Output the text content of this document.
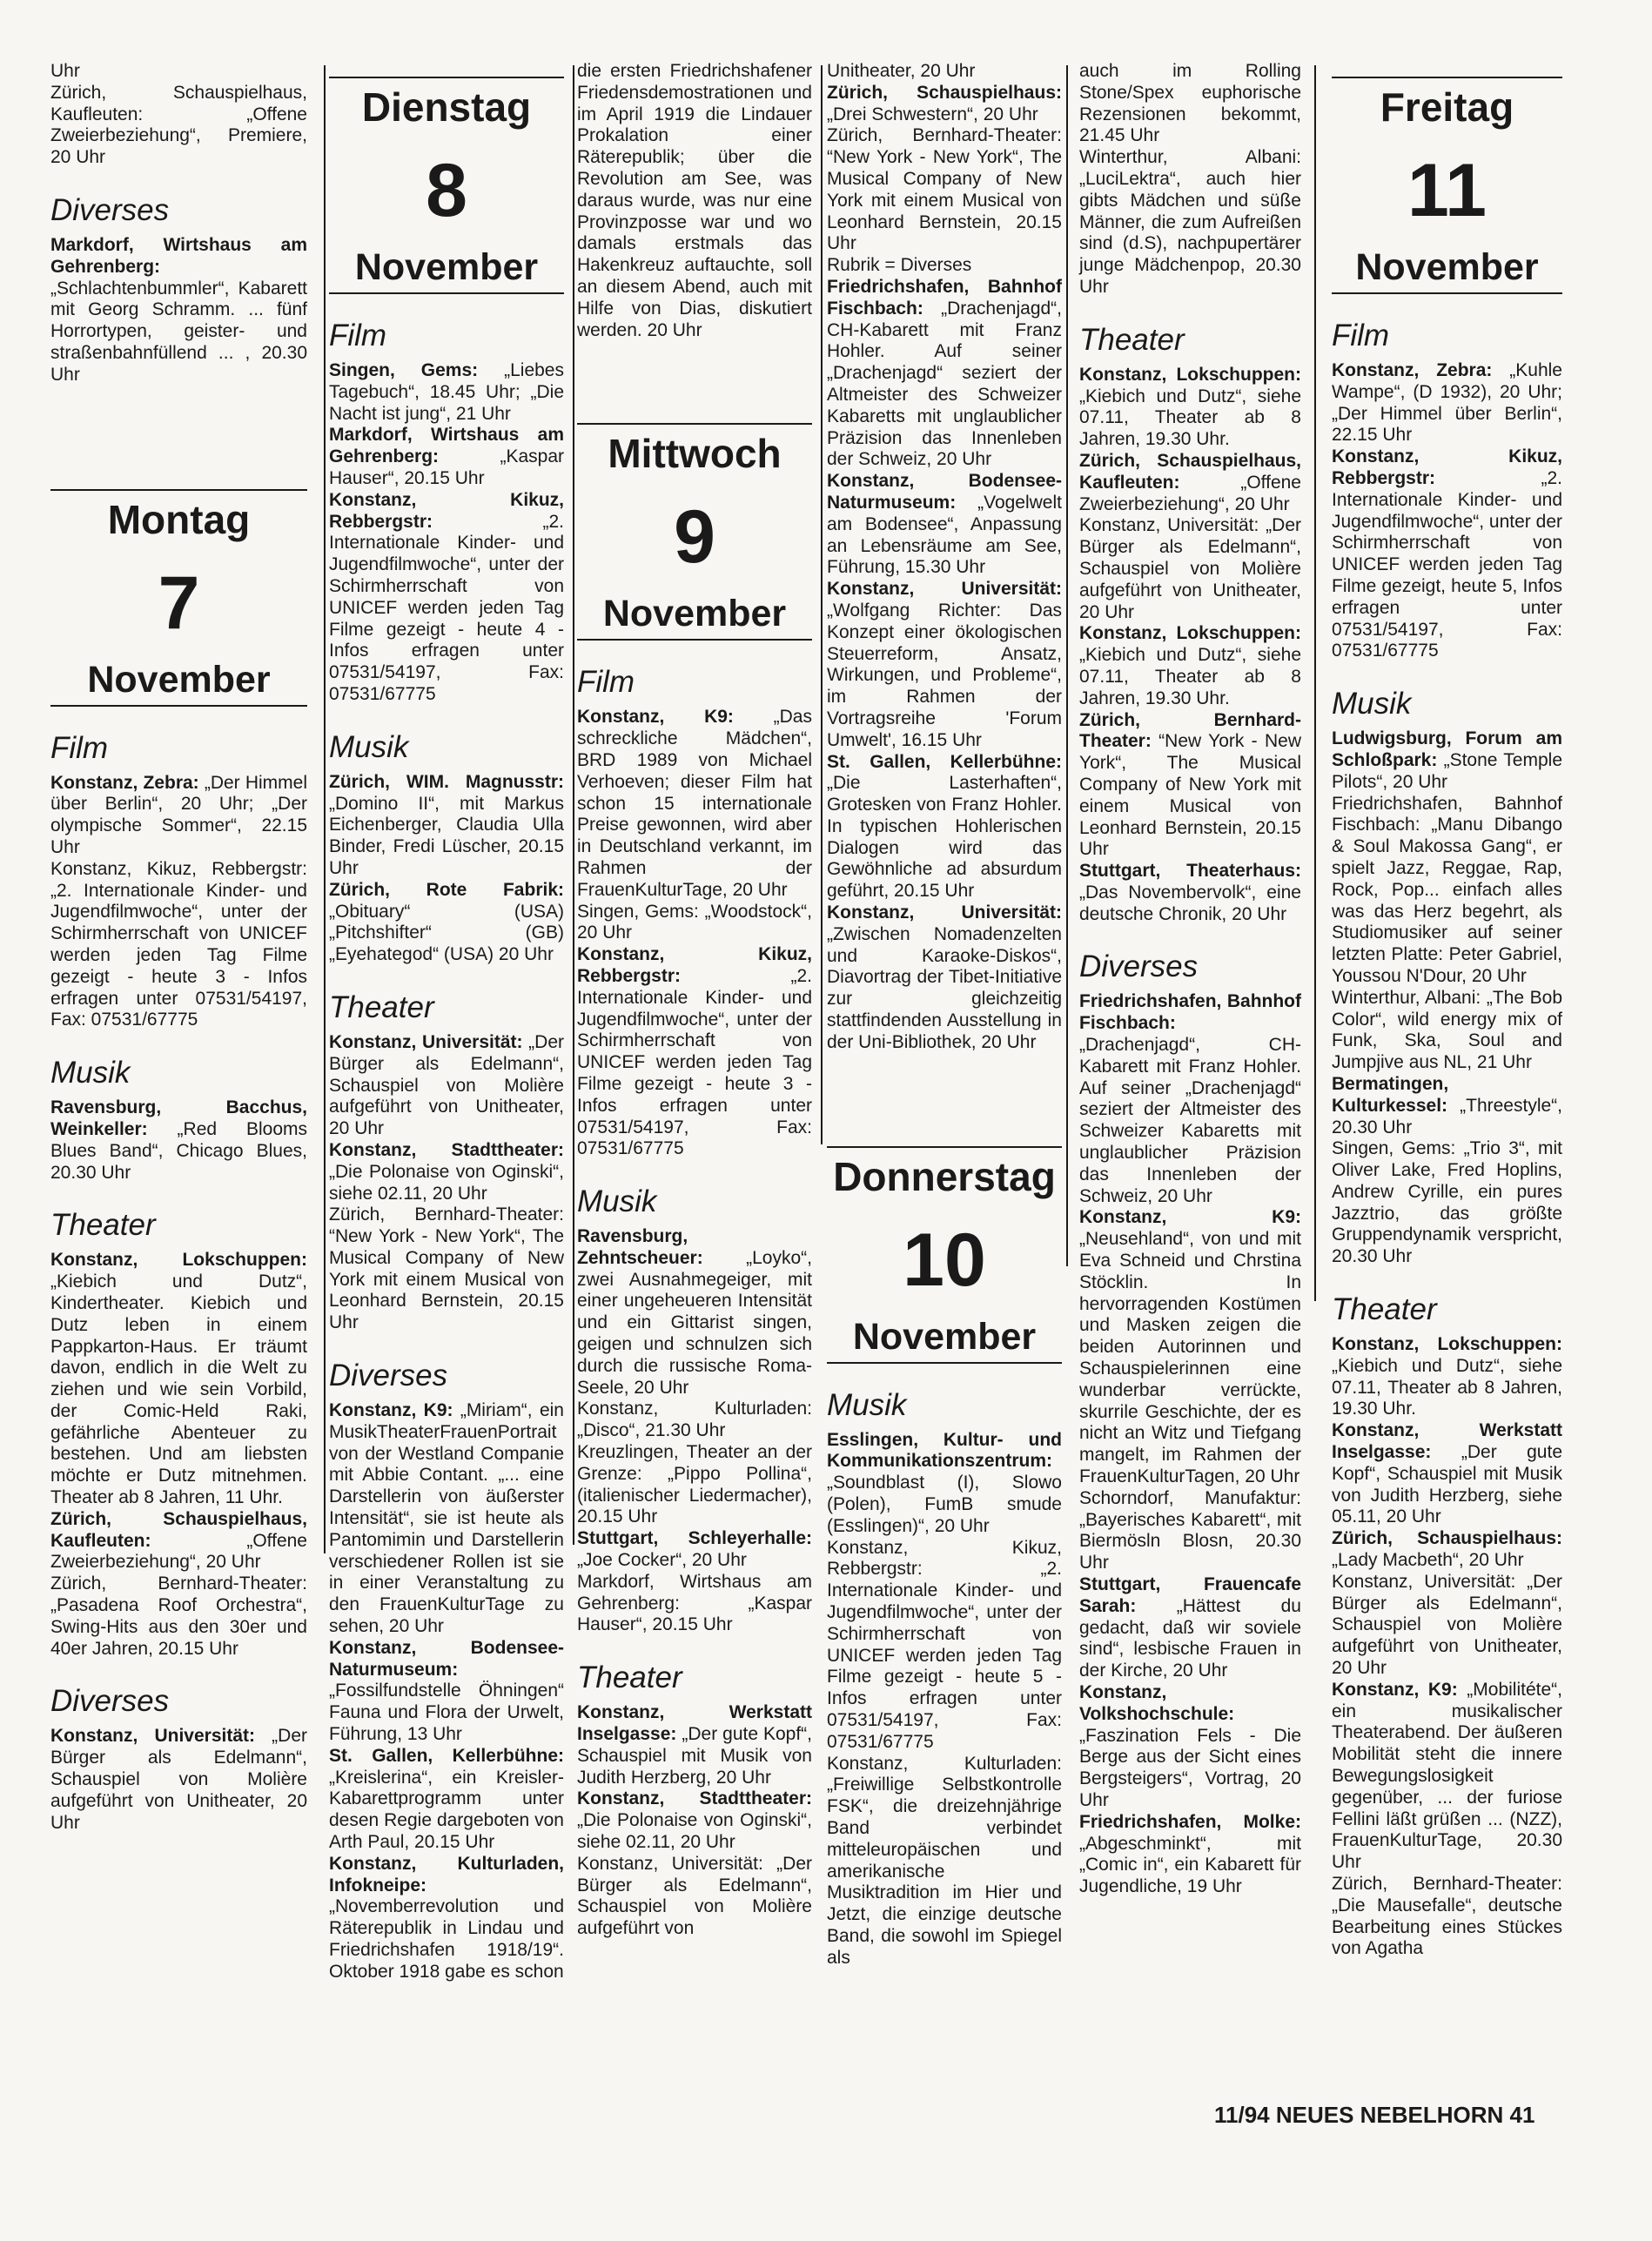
Uhr

Zürich, Schauspielhaus, Kaufleuten: „Offene Zweierbeziehung“, Premiere, 20 Uhr

Diverses

Markdorf, Wirtshaus am Gehrenberg: „Schlachtenbummler“, Kabarett mit Georg Schramm. ... fünf Horrortypen, geister- und straßenbahnfüllend ... , 20.30 Uhr

Montag
7
November
Film

Konstanz, Zebra: „Der Himmel über Berlin“, 20 Uhr; „Der olympische Sommer“, 22.15 Uhr

Konstanz, Kikuz, Rebbergstr: „2. Internationale Kinder- und Jugendfilmwoche“, unter der Schirmherrschaft von UNICEF werden jeden Tag Filme gezeigt - heute 3 - Infos erfragen unter 07531/54197, Fax: 07531/67775

Musik

Ravensburg, Bacchus, Weinkeller: „Red Blooms Blues Band“, Chicago Blues, 20.30 Uhr

Theater

Konstanz, Lokschuppen: „Kiebich und Dutz“, Kindertheater. Kiebich und Dutz leben in einem Pappkarton-Haus. Er träumt davon, endlich in die Welt zu ziehen und wie sein Vorbild, der Comic-Held Raki, gefährliche Abenteuer zu bestehen. Und am liebsten möchte er Dutz mitnehmen. Theater ab 8 Jahren, 11 Uhr.

Zürich, Schauspielhaus, Kaufleuten: „Offene Zweierbeziehung“, 20 Uhr

Zürich, Bernhard-Theater: „Pasadena Roof Orchestra“, Swing-Hits aus den 30er und 40er Jahren, 20.15 Uhr

Diverses

Konstanz, Universität: „Der Bürger als Edelmann“, Schauspiel von Molière aufgeführt von Unitheater, 20 Uhr

Dienstag
8
November
Film

Singen, Gems: „Liebes Tagebuch“, 18.45 Uhr; „Die Nacht ist jung“, 21 Uhr

Markdorf, Wirtshaus am Gehrenberg: „Kaspar Hauser“, 20.15 Uhr

Konstanz, Kikuz, Rebbergstr: „2. Internationale Kinder- und Jugendfilmwoche“, unter der Schirmherrschaft von UNICEF werden jeden Tag Filme gezeigt - heute 4 - Infos erfragen unter 07531/54197, Fax: 07531/67775

Musik

Zürich, WIM. Magnusstr: „Domino II“, mit Markus Eichenberger, Claudia Ulla Binder, Fredi Lüscher, 20.15 Uhr

Zürich, Rote Fabrik: „Obituary“ (USA) „Pitchshifter“ (GB) „Eyehategod“ (USA) 20 Uhr

Theater

Konstanz, Universität: „Der Bürger als Edelmann“, Schauspiel von Molière aufgeführt von Unitheater, 20 Uhr

Konstanz, Stadttheater: „Die Polonaise von Oginski“, siehe 02.11, 20 Uhr

Zürich, Bernhard-Theater: “New York - New York“, The Musical Company of New York mit einem Musical von Leonhard Bernstein, 20.15 Uhr

Diverses

Konstanz, K9: „Miriam“, ein MusikTheaterFrauenPortrait von der Westland Companie mit Abbie Contant. „... eine Darstellerin von äußerster Intensität“, sie ist heute als Pantomimin und Darstellerin verschiedener Rollen ist sie in einer Veranstaltung zu den FrauenKulturTage zu sehen, 20 Uhr

Konstanz, Bodensee-Naturmuseum: „Fossilfundstelle Öhningen“ Fauna und Flora der Urwelt, Führung, 13 Uhr

St. Gallen, Kellerbühne: „Kreislerina“, ein Kreisler-Kabarettprogramm unter desen Regie dargeboten von Arth Paul, 20.15 Uhr

Konstanz, Kulturladen, Infokneipe: „Novemberrevolution und Räterepublik in Lindau und Friedrichshafen 1918/19“. Oktober 1918 gabe es schon

die ersten Friedrichshafener Friedensdemostrationen und im April 1919 die Lindauer Prokalation einer Räterepublik; über die Revolution am See, was daraus wurde, was nur eine Provinzposse war und wo damals erstmals das Hakenkreuz auftauchte, soll an diesem Abend, auch mit Hilfe von Dias, diskutiert werden. 20 Uhr

Mittwoch
9
November
Film

Konstanz, K9: „Das schreckliche Mädchen“, BRD 1989 von Michael Verhoeven; dieser Film hat schon 15 internationale Preise gewonnen, wird aber in Deutschland verkannt, im Rahmen der FrauenKulturTage, 20 Uhr

Singen, Gems: „Woodstock“, 20 Uhr

Konstanz, Kikuz, Rebbergstr: „2. Internationale Kinder- und Jugendfilmwoche“, unter der Schirmherrschaft von UNICEF werden jeden Tag Filme gezeigt - heute 3 - Infos erfragen unter 07531/54197, Fax: 07531/67775

Musik

Ravensburg, Zehntscheuer: „Loyko“, zwei Ausnahmegeiger, mit einer ungeheueren Intensität und ein Gittarist singen, geigen und schnulzen sich durch die russische Roma-Seele, 20 Uhr

Konstanz, Kulturladen: „Disco“, 21.30 Uhr

Kreuzlingen, Theater an der Grenze: „Pippo Pollina“, (italienischer Liedermacher), 20.15 Uhr

Stuttgart, Schleyerhalle: „Joe Cocker“, 20 Uhr

Markdorf, Wirtshaus am Gehrenberg: „Kaspar Hauser“, 20.15 Uhr

Theater

Konstanz, Werkstatt Inselgasse: „Der gute Kopf“, Schauspiel mit Musik von Judith Herzberg, 20 Uhr

Konstanz, Stadttheater: „Die Polonaise von Oginski“, siehe 02.11, 20 Uhr

Konstanz, Universität: „Der Bürger als Edelmann“, Schauspiel von Molière aufgeführt von

Unitheater, 20 Uhr

Zürich, Schauspielhaus: „Drei Schwestern“, 20 Uhr

Zürich, Bernhard-Theater: “New York - New York“, The Musical Company of New York mit einem Musical von Leonhard Bernstein, 20.15 Uhr

Rubrik = Diverses

Friedrichshafen, Bahnhof Fischbach: „Drachenjagd“, CH-Kabarett mit Franz Hohler. Auf seiner „Drachenjagd“ seziert der Altmeister des Schweizer Kabaretts mit unglaublicher Präzision das Innenleben der Schweiz, 20 Uhr

Konstanz, Bodensee-Naturmuseum: „Vogelwelt am Bodensee“, Anpassung an Lebensräume am See, Führung, 15.30 Uhr

Konstanz, Universität: „Wolfgang Richter: Das Konzept einer ökologischen Steuerreform, Ansatz, Wirkungen, und Probleme“, im Rahmen der Vortragsreihe 'Forum Umwelt', 16.15 Uhr

St. Gallen, Kellerbühne: „Die Lasterhaften“, Grotesken von Franz Hohler. In typischen Hohlerischen Dialogen wird das Gewöhnliche ad absurdum geführt, 20.15 Uhr

Konstanz, Universität: „Zwischen Nomadenzelten und Karaoke-Diskos“, Diavortrag der Tibet-Initiative zur gleichzeitig stattfindenden Ausstellung in der Uni-Bibliothek, 20 Uhr

Donnerstag
10
November
Musik

Esslingen, Kultur- und Kommunikationszentrum: „Soundblast (I), Slowo (Polen), FumB smude (Esslingen)“, 20 Uhr

Konstanz, Kikuz, Rebbergstr: „2. Internationale Kinder- und Jugendfilmwoche“, unter der Schirmherrschaft von UNICEF werden jeden Tag Filme gezeigt - heute 5 - Infos erfragen unter 07531/54197, Fax: 07531/67775

Konstanz, Kulturladen: „Freiwillige Selbstkontrolle FSK“, die dreizehnjährige Band verbindet mitteleuropäischen und amerikanische Musiktradition im Hier und Jetzt, die einzige deutsche Band, die sowohl im Spiegel als

auch im Rolling Stone/Spex euphorische Rezensionen bekommt, 21.45 Uhr

Winterthur, Albani: „LuciLektra“, auch hier gibts Mädchen und süße Männer, die zum Aufreißen sind (d.S), nachpupertärer junge Mädchenpop, 20.30 Uhr

Theater

Konstanz, Lokschuppen: „Kiebich und Dutz“, siehe 07.11, Theater ab 8 Jahren, 19.30 Uhr.

Zürich, Schauspielhaus, Kaufleuten: „Offene Zweierbeziehung“, 20 Uhr

Konstanz, Universität: „Der Bürger als Edelmann“, Schauspiel von Molière aufgeführt von Unitheater, 20 Uhr

Konstanz, Lokschuppen: „Kiebich und Dutz“, siehe 07.11, Theater ab 8 Jahren, 19.30 Uhr.

Zürich, Bernhard-Theater: “New York - New York“, The Musical Company of New York mit einem Musical von Leonhard Bernstein, 20.15 Uhr

Stuttgart, Theaterhaus: „Das Novembervolk“, eine deutsche Chronik, 20 Uhr

Diverses

Friedrichshafen, Bahnhof Fischbach: „Drachenjagd“, CH-Kabarett mit Franz Hohler. Auf seiner „Drachenjagd“ seziert der Altmeister des Schweizer Kabaretts mit unglaublicher Präzision das Innenleben der Schweiz, 20 Uhr

Konstanz, K9: „Neusehland“, von und mit Eva Schneid und Chrstina Stöcklin. In hervorragenden Kostümen und Masken zeigen die beiden Autorinnen und Schauspielerinnen eine wunderbar verrückte, skurrile Geschichte, der es nicht an Witz und Tiefgang mangelt, im Rahmen der FrauenKulturTagen, 20 Uhr

Schorndorf, Manufaktur: „Bayerisches Kabarett“, mit Biermösln Blosn, 20.30 Uhr

Stuttgart, Frauencafe Sarah: „Hättest du gedacht, daß wir soviele sind“, lesbische Frauen in der Kirche, 20 Uhr

Konstanz, Volkshochschule: „Faszination Fels - Die Berge aus der Sicht eines Bergsteigers“, Vortrag, 20 Uhr

Friedrichshafen, Molke: „Abgeschminkt“, mit „Comic in“, ein Kabarett für Jugendliche, 19 Uhr

Freitag
11
November
Film

Konstanz, Zebra: „Kuhle Wampe“, (D 1932), 20 Uhr; „Der Himmel über Berlin“, 22.15 Uhr

Konstanz, Kikuz, Rebbergstr: „2. Internationale Kinder- und Jugendfilmwoche“, unter der Schirmherrschaft von UNICEF werden jeden Tag Filme gezeigt, heute 5, Infos erfragen unter 07531/54197, Fax: 07531/67775

Musik

Ludwigsburg, Forum am Schloßpark: „Stone Temple Pilots“, 20 Uhr

Friedrichshafen, Bahnhof Fischbach: „Manu Dibango & Soul Makossa Gang“, er spielt Jazz, Reggae, Rap, Rock, Pop... einfach alles was das Herz begehrt, als Studiomusiker auf seiner letzten Platte: Peter Gabriel, Youssou N'Dour, 20 Uhr

Winterthur, Albani: „The Bob Color“, wild energy mix of Funk, Ska, Soul and Jumpjive aus NL, 21 Uhr

Bermatingen, Kulturkessel: „Threestyle“, 20.30 Uhr

Singen, Gems: „Trio 3“, mit Oliver Lake, Fred Hoplins, Andrew Cyrille, ein pures Jazztrio, das größte Gruppendynamik verspricht, 20.30 Uhr

Theater

Konstanz, Lokschuppen: „Kiebich und Dutz“, siehe 07.11, Theater ab 8 Jahren, 19.30 Uhr.

Konstanz, Werkstatt Inselgasse: „Der gute Kopf“, Schauspiel mit Musik von Judith Herzberg, siehe 05.11, 20 Uhr

Zürich, Schauspielhaus: „Lady Macbeth“, 20 Uhr

Konstanz, Universität: „Der Bürger als Edelmann“, Schauspiel von Molière aufgeführt von Unitheater, 20 Uhr

Konstanz, K9: „Mobilitéte“, ein musikalischer Theaterabend. Der äußeren Mobilität steht die innere Bewegungslosigkeit gegenüber, ... der furiose Fellini läßt grüßen ... (NZZ), FrauenKulturTage, 20.30 Uhr

Zürich, Bernhard-Theater: „Die Mausefalle“, deutsche Bearbeitung eines Stückes von Agatha

11/94 NEUES NEBELHORN 41
